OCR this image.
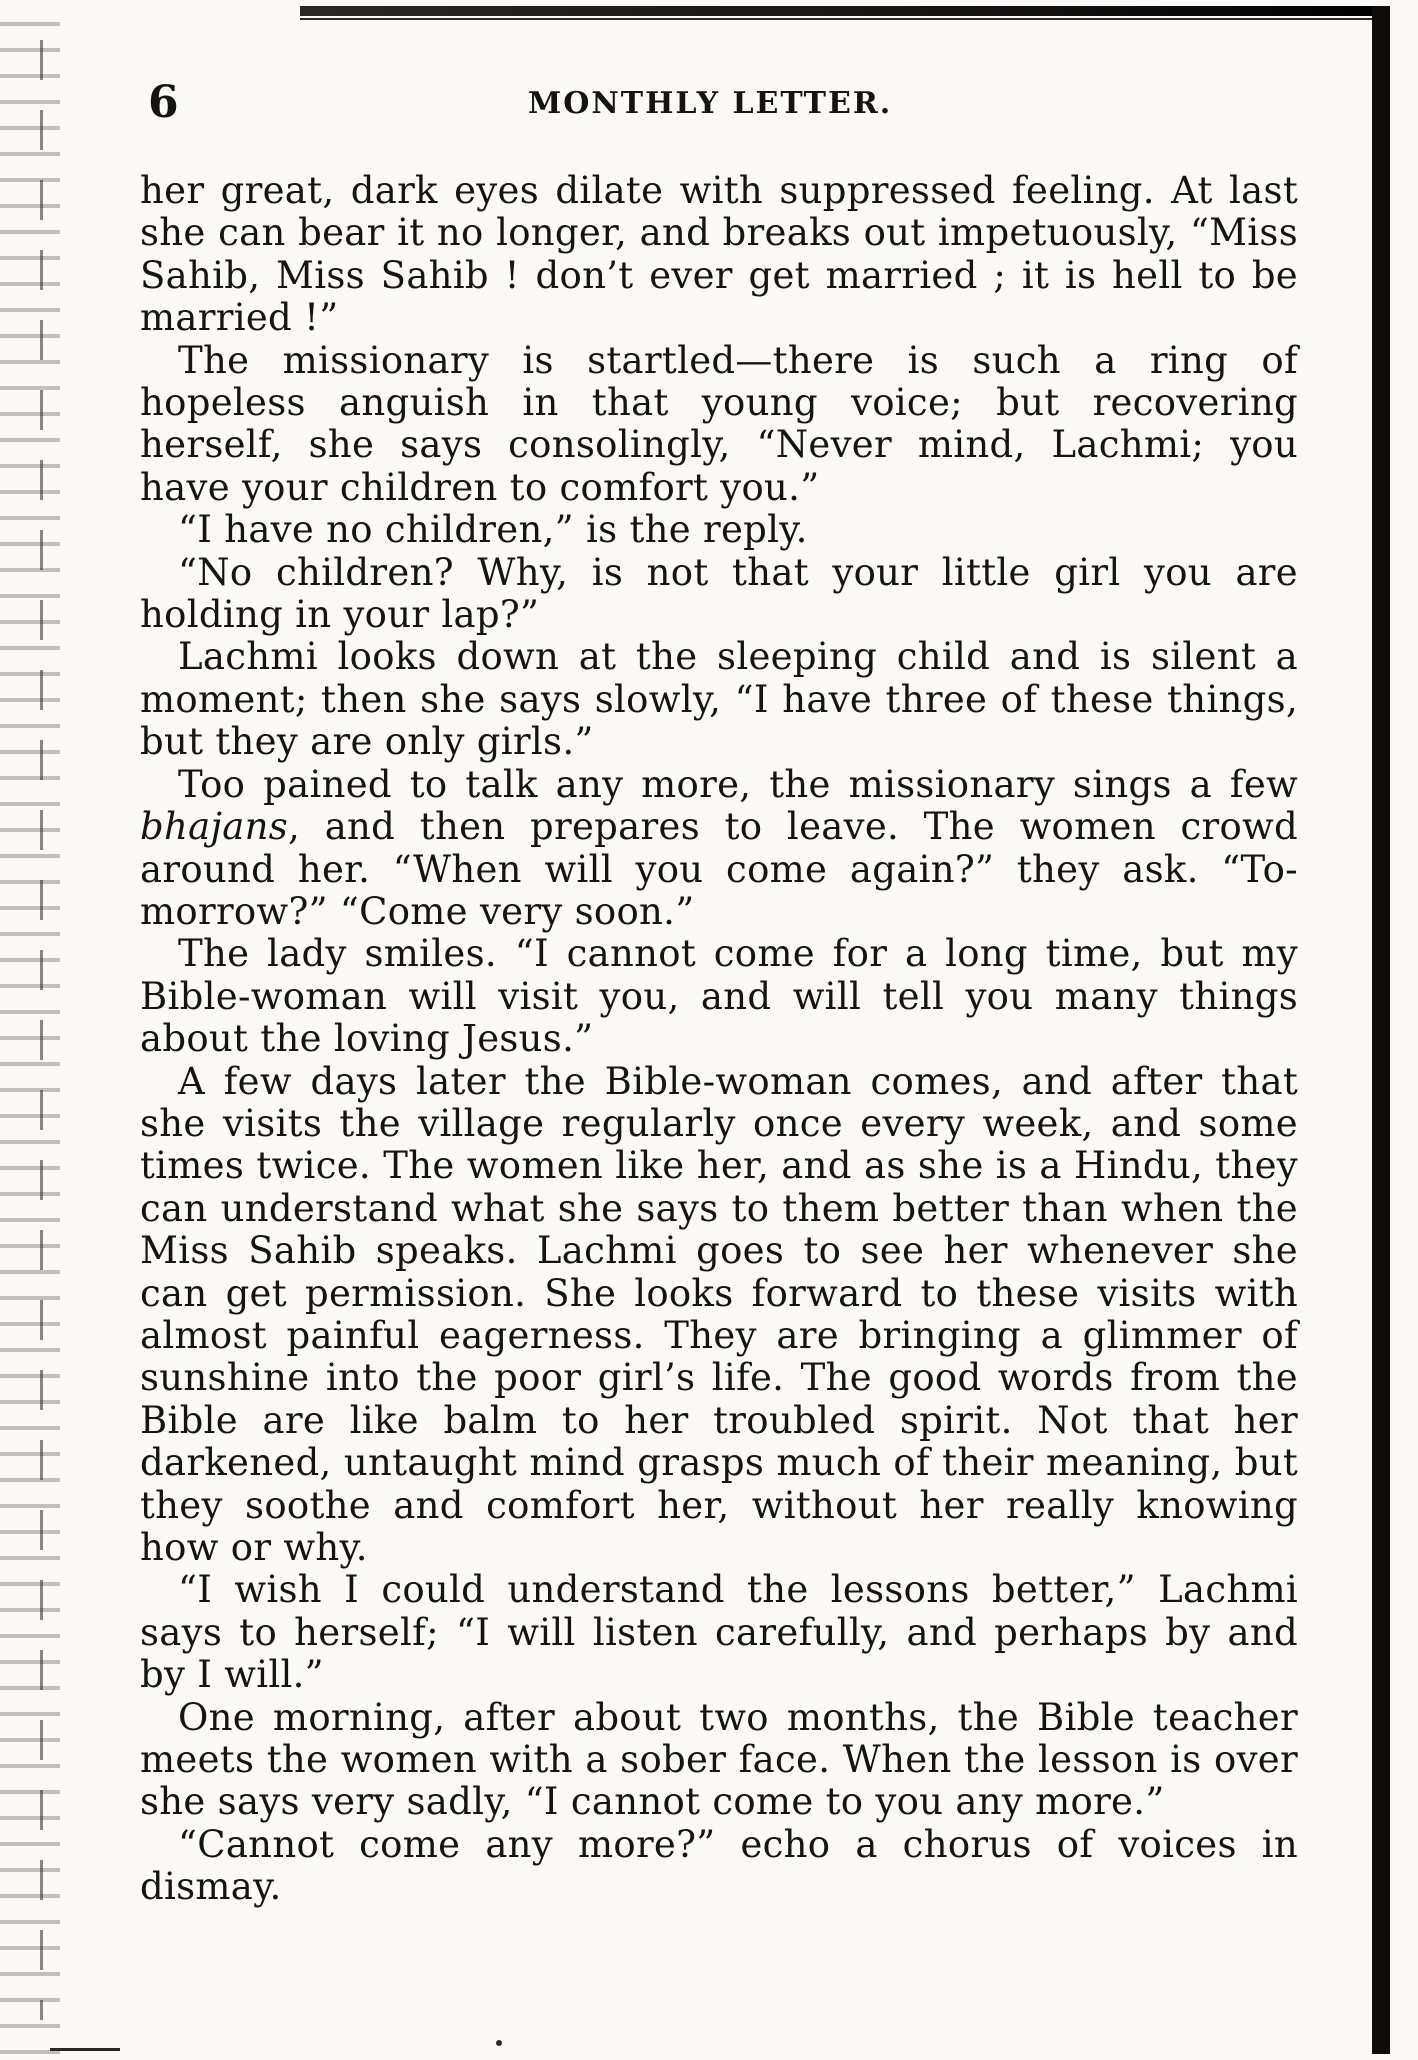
6	MONTHLY LETTER.

her great, dark eyes dilate with suppressed feeling. At last she can bear it no longer, and breaks out impetuously, “Miss Sahib, Miss Sahib ! don’t ever get married ; it is hell to be married !”

The missionary is startled—there is such a ring of hopeless anguish in that young voice; but recovering herself, she says consolingly, “Never mind, Lachmi; you have your children to comfort you.”

“I have no children,” is the reply.

“No children? Why, is not that your little girl you are holding in your lap?”

Lachmi looks down at the sleeping child and is silent a moment; then she says slowly, “I have three of these things, but they are only girls.”

Too pained to talk any more, the missionary sings a few bhajans, and then prepares to leave. The women crowd around her. “When will you come again?” they ask. “To-morrow?” “Come very soon.”

The lady smiles. “I cannot come for a long time, but my Bible-woman will visit you, and will tell you many things about the loving Jesus.”

A few days later the Bible-woman comes, and after that she visits the village regularly once every week, and some times twice. The women like her, and as she is a Hindu, they can understand what she says to them better than when the Miss Sahib speaks. Lachmi goes to see her whenever she can get permission. She looks forward to these visits with almost painful eagerness. They are bringing a glimmer of sunshine into the poor girl’s life. The good words from the Bible are like balm to her troubled spirit. Not that her darkened, untaught mind grasps much of their meaning, but they soothe and comfort her, without her really knowing how or why.

“I wish I could understand the lessons better,” Lachmi says to herself; “I will listen carefully, and perhaps by and by I will.”

One morning, after about two months, the Bible teacher meets the women with a sober face. When the lesson is over she says very sadly, “I cannot come to you any more.”

“Cannot come any more?” echo a chorus of voices in dismay.
